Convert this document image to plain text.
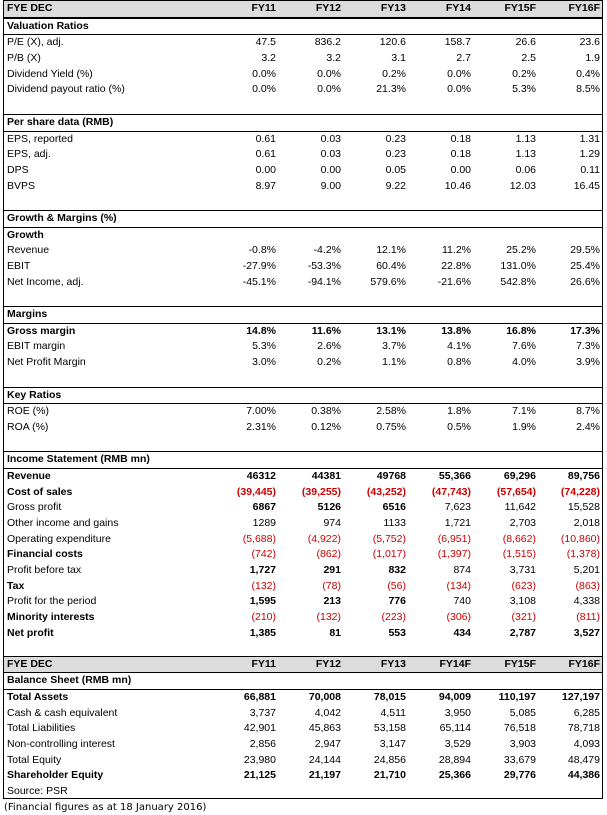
FYE DEC	FY11	FY12	FY13	FY14	FY15F	FY16F
Valuation Ratios
P/E (X), adj.	47.5	836.2	120.6	158.7	26.6	23.6
P/B (X)	3.2	3.2	3.1	2.7	2.5	1.9
Dividend Yield (%)	0.0%	0.0%	0.2%	0.0%	0.2%	0.4%
Dividend payout ratio (%)	0.0%	0.0%	21.3%	0.0%	5.3%	8.5%
Per share data (RMB)
EPS, reported	0.61	0.03	0.23	0.18	1.13	1.31
EPS, adj.	0.61	0.03	0.23	0.18	1.13	1.29
DPS	0.00	0.00	0.05	0.00	0.06	0.11
BVPS	8.97	9.00	9.22	10.46	12.03	16.45
Growth & Margins (%)
Growth
Revenue	-0.8%	-4.2%	12.1%	11.2%	25.2%	29.5%
EBIT	-27.9%	-53.3%	60.4%	22.8%	131.0%	25.4%
Net Income, adj.	-45.1%	-94.1%	579.6%	-21.6%	542.8%	26.6%
Margins
Gross margin	14.8%	11.6%	13.1%	13.8%	16.8%	17.3%
EBIT margin	5.3%	2.6%	3.7%	4.1%	7.6%	7.3%
Net Profit Margin	3.0%	0.2%	1.1%	0.8%	4.0%	3.9%
Key Ratios
ROE (%)	7.00%	0.38%	2.58%	1.8%	7.1%	8.7%
ROA (%)	2.31%	0.12%	0.75%	0.5%	1.9%	2.4%
Income Statement (RMB mn)
Revenue	46312	44381	49768	55,366	69,296	89,756
Cost of sales	(39,445)	(39,255)	(43,252)	(47,743)	(57,654)	(74,228)
Gross profit	6867	5126	6516	7,623	11,642	15,528
Other income and gains	1289	974	1133	1,721	2,703	2,018
Operating expenditure	(5,688)	(4,922)	(5,752)	(6,951)	(8,662)	(10,860)
Financial costs	(742)	(862)	(1,017)	(1,397)	(1,515)	(1,378)
Profit before tax	1,727	291	832	874	3,731	5,201
Tax	(132)	(78)	(56)	(134)	(623)	(863)
Profit for the period	1,595	213	776	740	3,108	4,338
Minority interests	(210)	(132)	(223)	(306)	(321)	(811)
Net profit	1,385	81	553	434	2,787	3,527
FYE DEC	FY11	FY12	FY13	FY14F	FY15F	FY16F
Balance Sheet (RMB mn)
Total Assets	66,881	70,008	78,015	94,009	110,197	127,197
Cash & cash equivalent	3,737	4,042	4,511	3,950	5,085	6,285
Total Liabilities	42,901	45,863	53,158	65,114	76,518	78,718
Non-controlling interest	2,856	2,947	3,147	3,529	3,903	4,093
Total Equity	23,980	24,144	24,856	28,894	33,679	48,479
Shareholder Equity	21,125	21,197	21,710	25,366	29,776	44,386
Source: PSR
(Financial figures as at 18 January 2016)
